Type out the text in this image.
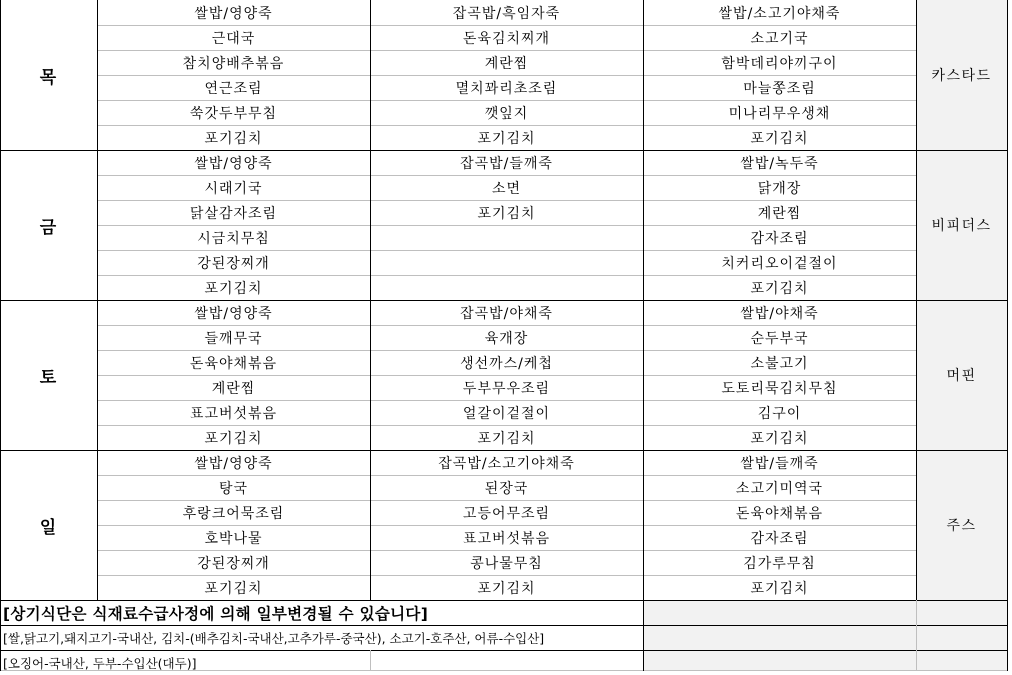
목
쌀밥/영양죽
근대국
참치양배추볶음
연근조림
쑥갓두부무침
포기김치
잡곡밥/흑임자죽
돈육김치찌개
계란찜
멸치꽈리초조림
깻잎지
포기김치
쌀밥/소고기야채죽
소고기국
함박데리야끼구이
마늘쫑조림
미나리무우생채
포기김치
카스타드
금
쌀밥/영양죽
시래기국
닭살감자조림
시금치무침
강된장찌개
포기김치
잡곡밥/들깨죽
소면
포기김치
쌀밥/녹두죽
닭개장
계란찜
감자조림
치커리오이겉절이
포기김치
비피더스
토
쌀밥/영양죽
들깨무국
돈육야채볶음
계란찜
표고버섯볶음
포기김치
잡곡밥/야채죽
육개장
생선까스/케첩
두부무우조림
얼갈이겉절이
포기김치
쌀밥/야채죽
순두부국
소불고기
도토리묵김치무침
김구이
포기김치
머핀
일
쌀밥/영양죽
탕국
후랑크어묵조림
호박나물
강된장찌개
포기김치
잡곡밥/소고기야채죽
된장국
고등어무조림
표고버섯볶음
콩나물무침
포기김치
쌀밥/들깨죽
소고기미역국
돈육야채볶음
감자조림
김가루무침
포기김치
주스
[상기식단은 식재료수급사정에 의해 일부변경될 수 있습니다]
[쌀,닭고기,돼지고기-국내산, 김치-(배추김치-국내산,고추가루-중국산), 소고기-호주산, 어류-수입산]
[오징어-국내산, 두부-수입산(대두)]
